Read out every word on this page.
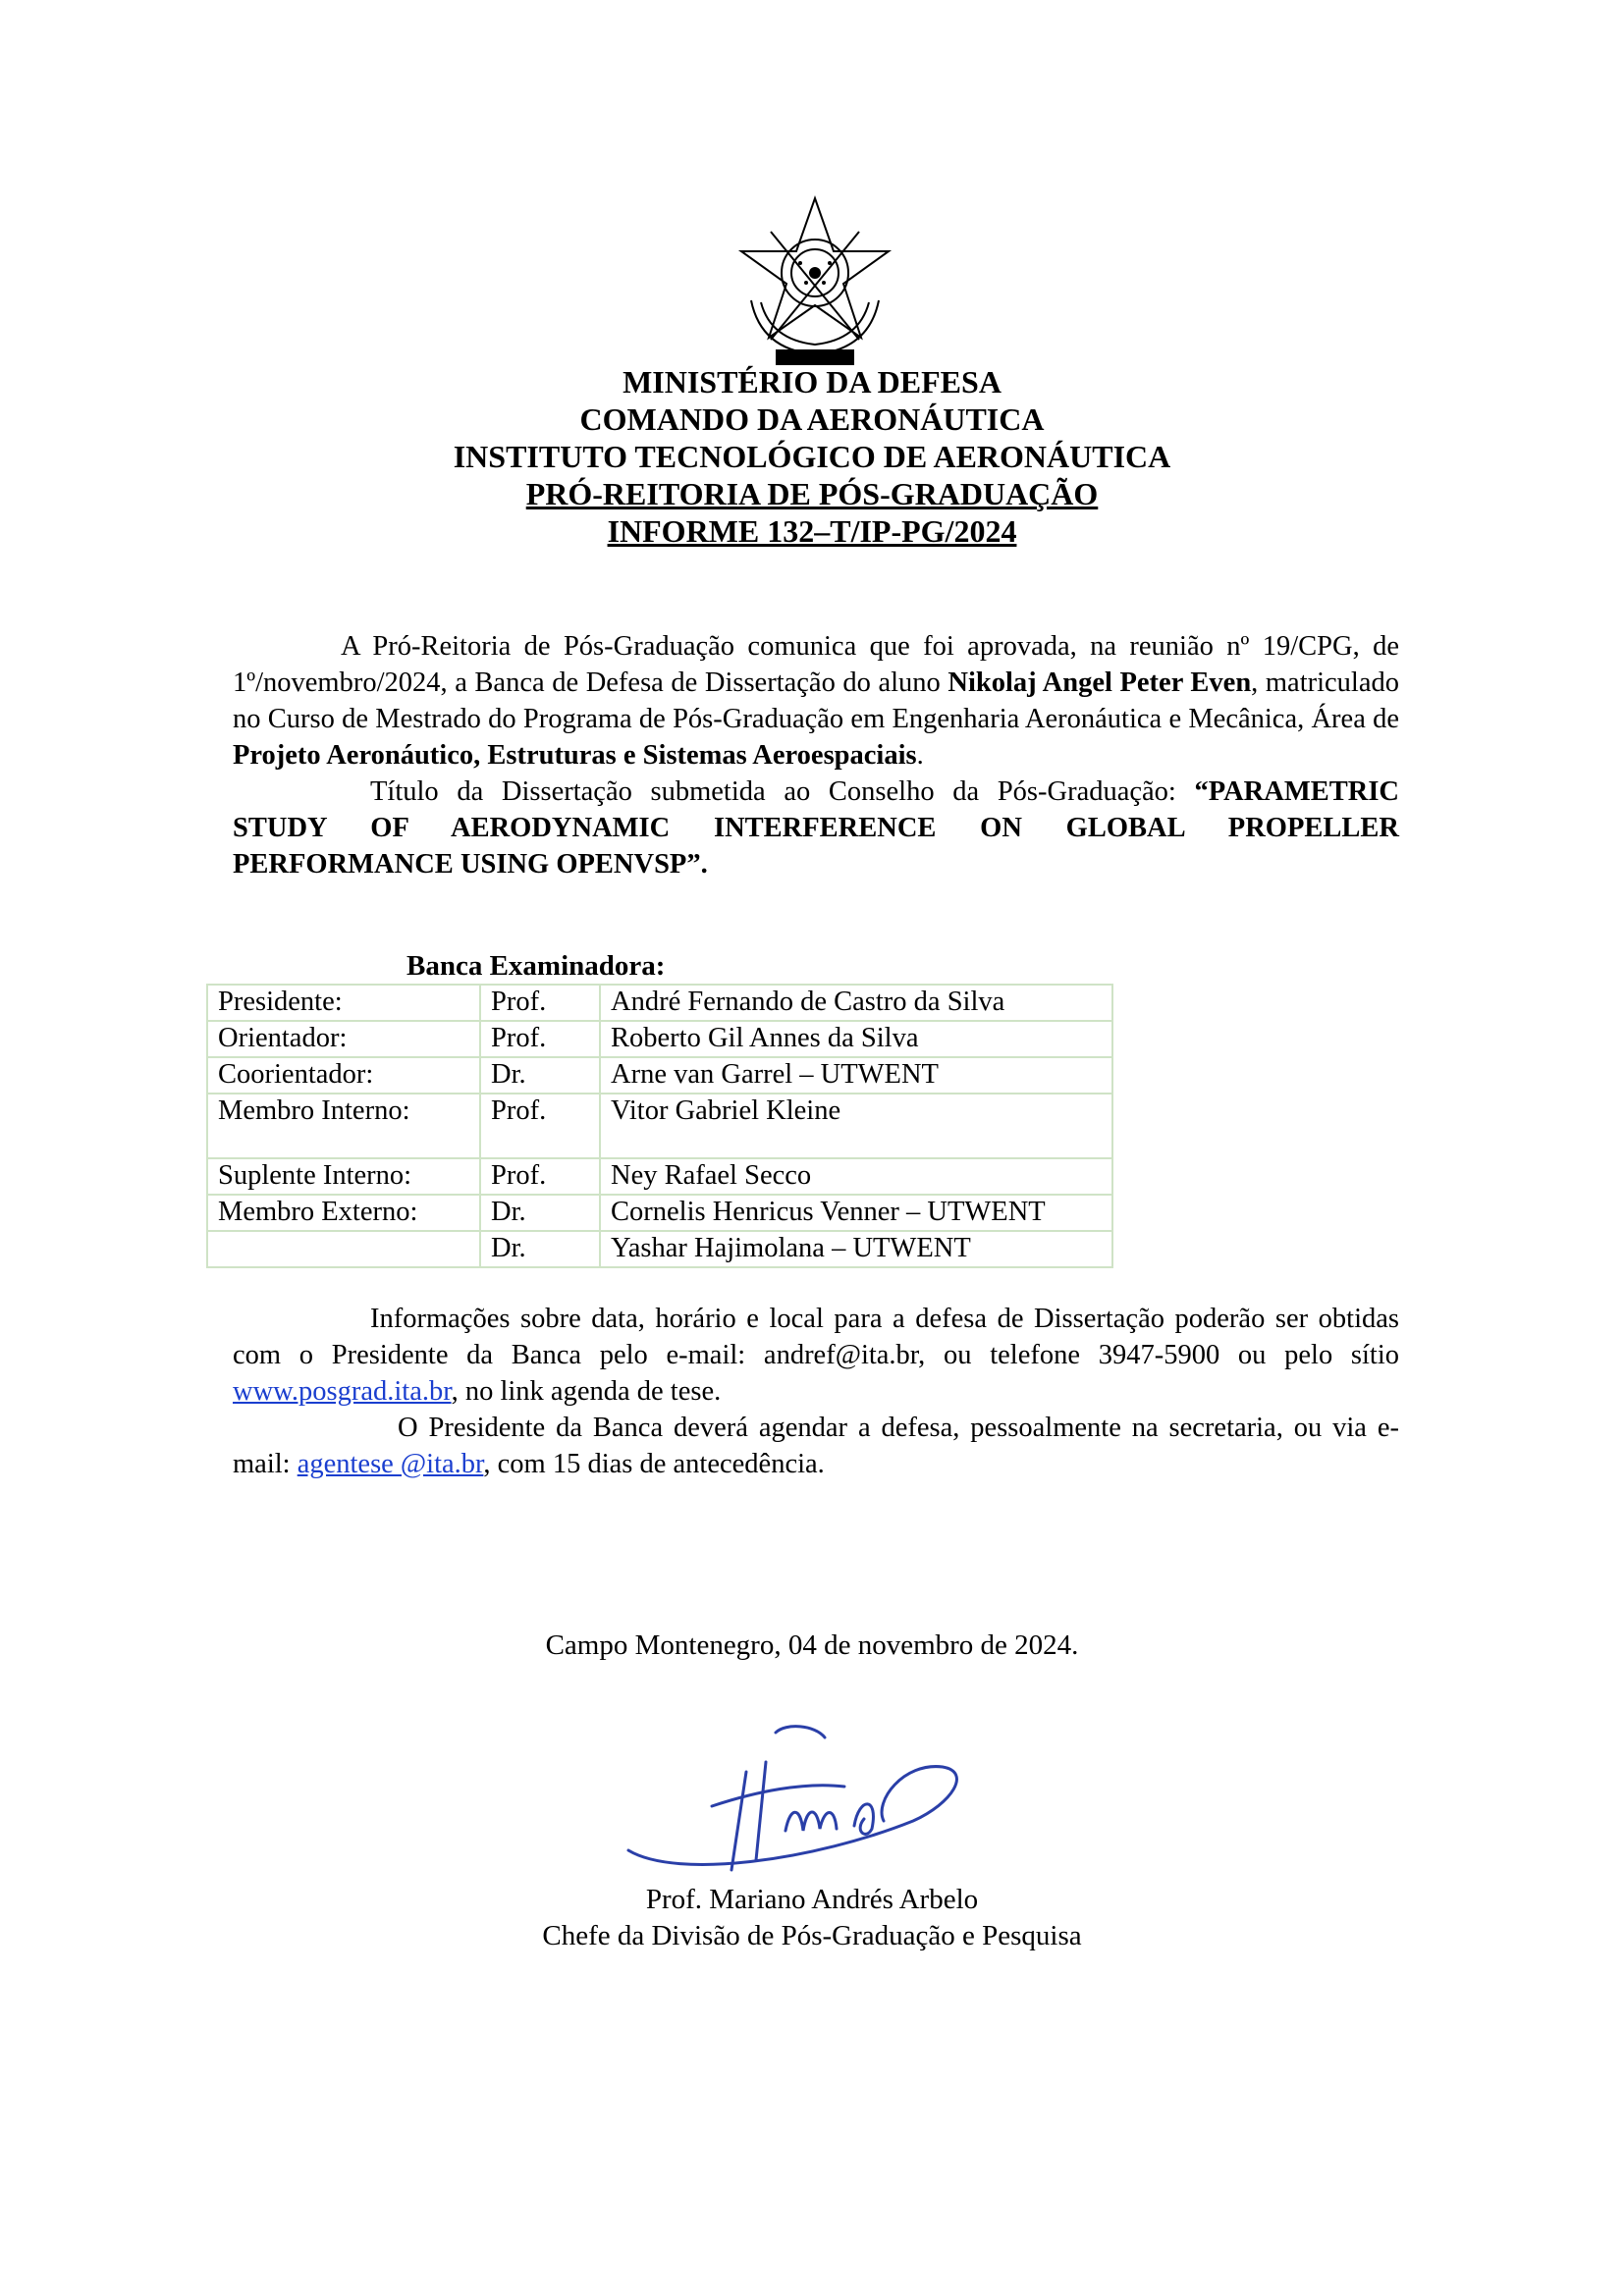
MINISTÉRIO DA DEFESA
COMANDO DA AERONÁUTICA
INSTITUTO TECNOLÓGICO DE AERONÁUTICA
PRÓ-REITORIA DE PÓS-GRADUAÇÃO
INFORME 132–T/IP-PG/2024

A Pró-Reitoria de Pós-Graduação comunica que foi aprovada, na reunião nº 19/CPG, de 1º/novembro/2024, a Banca de Defesa de Dissertação do aluno Nikolaj Angel Peter Even, matriculado no Curso de Mestrado do Programa de Pós-Graduação em Engenharia Aeronáutica e Mecânica, Área de Projeto Aeronáutico, Estruturas e Sistemas Aeroespaciais.

Título da Dissertação submetida ao Conselho da Pós-Graduação: “PARAMETRIC STUDY OF AERODYNAMIC INTERFERENCE ON GLOBAL PROPELLER PERFORMANCE USING OPENVSP”.

Banca Examinadora:
Presidente:	Prof.	André Fernando de Castro da Silva
Orientador:	Prof.	Roberto Gil Annes da Silva
Coorientador:	Dr.	Arne van Garrel – UTWENT
Membro Interno:	Prof.	Vitor Gabriel Kleine
Suplente Interno:	Prof.	Ney Rafael Secco
Membro Externo:	Dr.	Cornelis Henricus Venner – UTWENT
	Dr.	Yashar Hajimolana – UTWENT

Informações sobre data, horário e local para a defesa de Dissertação poderão ser obtidas com o Presidente da Banca pelo e-mail: andref@ita.br, ou telefone 3947-5900 ou pelo sítio www.posgrad.ita.br, no link agenda de tese.

O Presidente da Banca deverá agendar a defesa, pessoalmente na secretaria, ou via e-mail: agentese @ita.br, com 15 dias de antecedência.

Campo Montenegro, 04 de novembro de 2024.
Prof. Mariano Andrés Arbelo
Chefe da Divisão de Pós-Graduação e Pesquisa
